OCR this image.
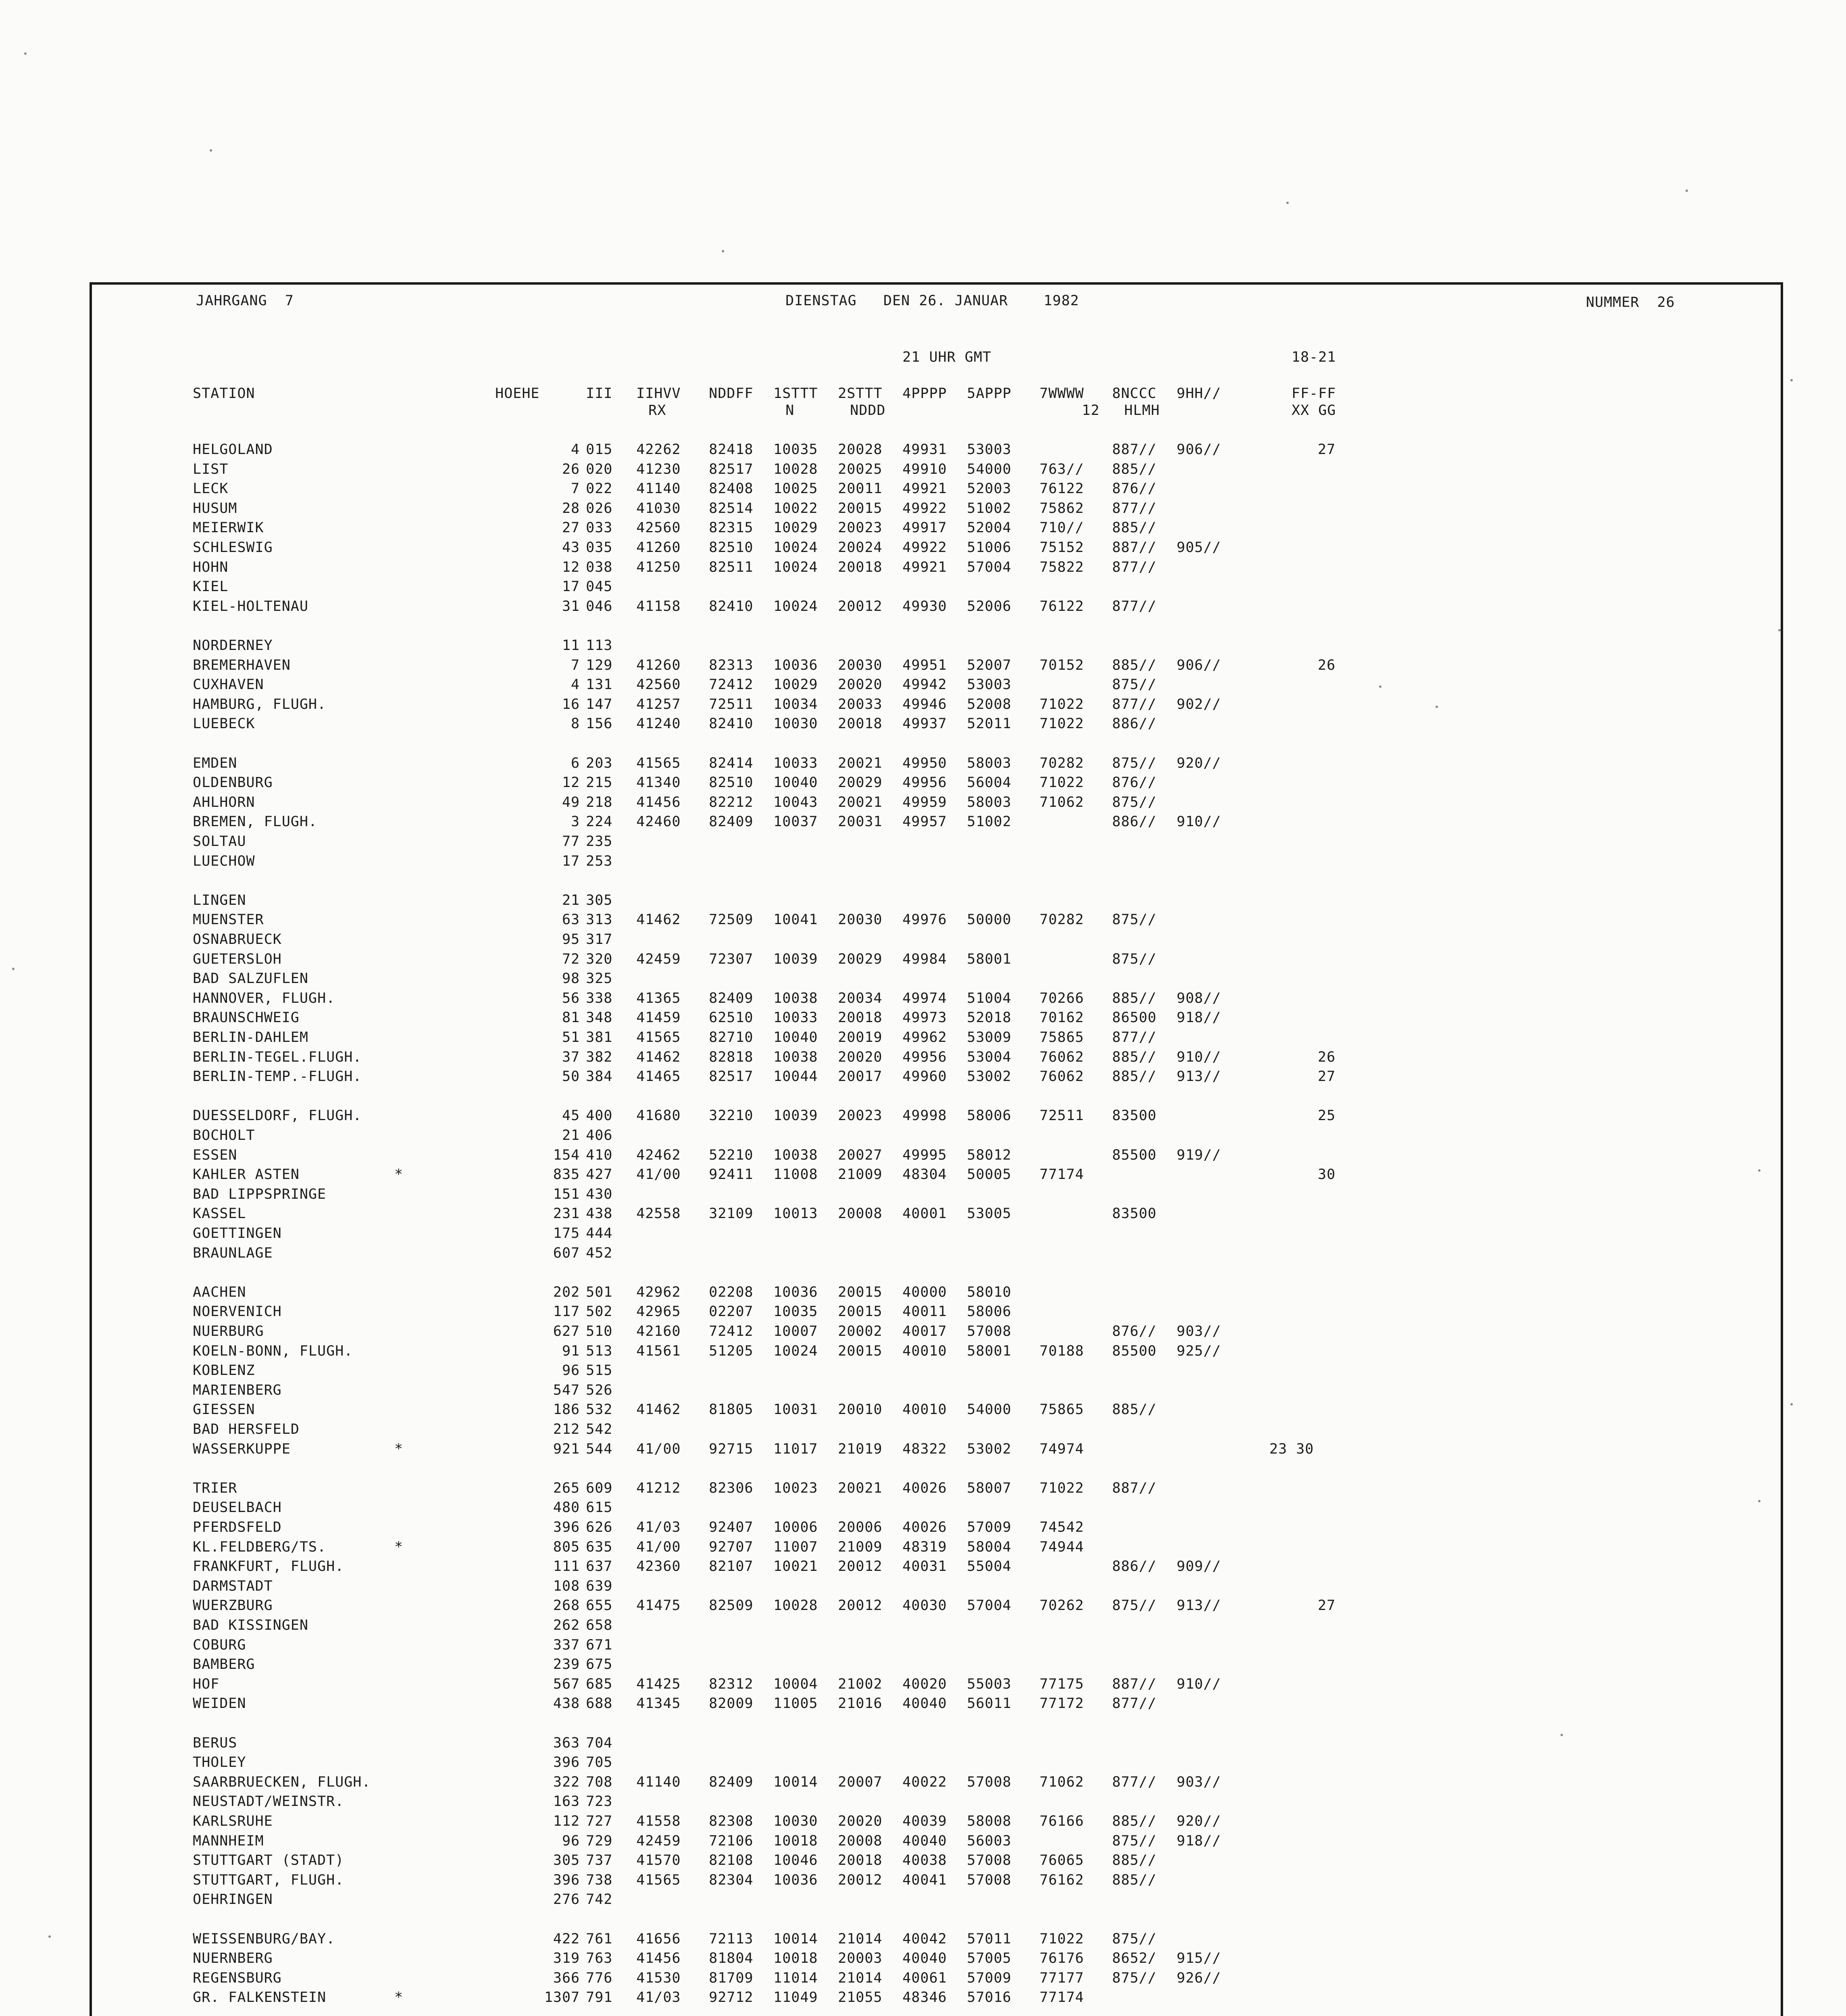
JAHRGANG  7	DIENSTAG   DEN 26. JANUAR    1982	NUMMER  26
21 UHR GMT	18-21
STATION	HOEHE	III IIHVV NDDFF 1STTT 2STTT 4PPPP 5APPP 7WWWW 8NCCC 9HH//	FF-FF
RX	N	NDDD	12 HLMH	XX GG
HELGOLAND	4 015 42262 82418 10035 20028 49931 53003	887// 906//	27
LIST	26 020 41230 82517 10028 20025 49910 54000 763// 885//
LECK	7 022 41140 82408 10025 20011 49921 52003 76122 876//
HUSUM	28 026 41030 82514 10022 20015 49922 51002 75862 877//
MEIERWIK	27 033 42560 82315 10029 20023 49917 52004 710// 885//
SCHLESWIG	43 035 41260 82510 10024 20024 49922 51006 75152 887// 905//
HOHN	12 038 41250 82511 10024 20018 49921 57004 75822 877//
KIEL	17 045
KIEL-HOLTENAU	31 046 41158 82410 10024 20012 49930 52006 76122 877//
NORDERNEY	11 113
BREMERHAVEN	7 129 41260 82313 10036 20030 49951 52007 70152 885// 906//	26
CUXHAVEN	4 131 42560 72412 10029 20020 49942 53003	875//
HAMBURG, FLUGH.	16 147 41257 72511 10034 20033 49946 52008 71022 877// 902//
LUEBECK	8 156 41240 82410 10030 20018 49937 52011 71022 886//
EMDEN	6 203 41565 82414 10033 20021 49950 58003 70282 875// 920//
OLDENBURG	12 215 41340 82510 10040 20029 49956 56004 71022 876//
AHLHORN	49 218 41456 82212 10043 20021 49959 58003 71062 875//
BREMEN, FLUGH.	3 224 42460 82409 10037 20031 49957 51002	886// 910//
SOLTAU	77 235
LUECHOW	17 253
LINGEN	21 305
MUENSTER	63 313 41462 72509 10041 20030 49976 50000 70282 875//
OSNABRUECK	95 317
GUETERSLOH	72 320 42459 72307 10039 20029 49984 58001	875//
BAD SALZUFLEN	98 325
HANNOVER, FLUGH.	56 338 41365 82409 10038 20034 49974 51004 70266 885// 908//
BRAUNSCHWEIG	81 348 41459 62510 10033 20018 49973 52018 70162 86500 918//
BERLIN-DAHLEM	51 381 41565 82710 10040 20019 49962 53009 75865 877//
BERLIN-TEGEL.FLUGH.	37 382 41462 82818 10038 20020 49956 53004 76062 885// 910//	26
BERLIN-TEMP.-FLUGH.	50 384 41465 82517 10044 20017 49960 53002 76062 885// 913//	27
DUESSELDORF, FLUGH.	45 400 41680 32210 10039 20023 49998 58006 72511 83500	25
BOCHOLT	21 406
ESSEN	154 410 42462 52210 10038 20027 49995 58012	85500 919//
KAHLER ASTEN	*	835 427 41/00 92411 11008 21009 48304 50005 77174	30
BAD LIPPSPRINGE	151 430
KASSEL	231 438 42558 32109 10013 20008 40001 53005	83500
GOETTINGEN	175 444
BRAUNLAGE	607 452
AACHEN	202 501 42962 02208 10036 20015 40000 58010
NOERVENICH	117 502 42965 02207 10035 20015 40011 58006
NUERBURG	627 510 42160 72412 10007 20002 40017 57008	876// 903//
KOELN-BONN, FLUGH.	91 513 41561 51205 10024 20015 40010 58001 70188 85500 925//
KOBLENZ	96 515
MARIENBERG	547 526
GIESSEN	186 532 41462 81805 10031 20010 40010 54000 75865 885//
BAD HERSFELD	212 542
WASSERKUPPE	*	921 544 41/00 92715 11017 21019 48322 53002 74974	23 30
TRIER	265 609 41212 82306 10023 20021 40026 58007 71022 887//
DEUSELBACH	480 615
PFERDSFELD	396 626 41/03 92407 10006 20006 40026 57009 74542
KL.FELDBERG/TS.	*	805 635 41/00 92707 11007 21009 48319 58004 74944
FRANKFURT, FLUGH.	111 637 42360 82107 10021 20012 40031 55004	886// 909//
DARMSTADT	108 639
WUERZBURG	268 655 41475 82509 10028 20012 40030 57004 70262 875// 913//	27
BAD KISSINGEN	262 658
COBURG	337 671
BAMBERG	239 675
HOF	567 685 41425 82312 10004 21002 40020 55003 77175 887// 910//
WEIDEN	438 688 41345 82009 11005 21016 40040 56011 77172 877//
BERUS	363 704
THOLEY	396 705
SAARBRUECKEN, FLUGH.	322 708 41140 82409 10014 20007 40022 57008 71062 877// 903//
NEUSTADT/WEINSTR.	163 723
KARLSRUHE	112 727 41558 82308 10030 20020 40039 58008 76166 885// 920//
MANNHEIM	96 729 42459 72106 10018 20008 40040 56003	875// 918//
STUTTGART (STADT)	305 737 41570 82108 10046 20018 40038 57008 76065 885//
STUTTGART, FLUGH.	396 738 41565 82304 10036 20012 40041 57008 76162 885//
OEHRINGEN	276 742
WEISSENBURG/BAY.	422 761 41656 72113 10014 21014 40042 57011 71022 875//
NUERNBERG	319 763 41456 81804 10018 20003 40040 57005 76176 8652/ 915//
REGENSBURG	366 776 41530 81709 11014 21014 40061 57009 77177 875// 926//
GR. FALKENSTEIN	*	1307 791 41/03 92712 11049 21055 48346 57016 77174
